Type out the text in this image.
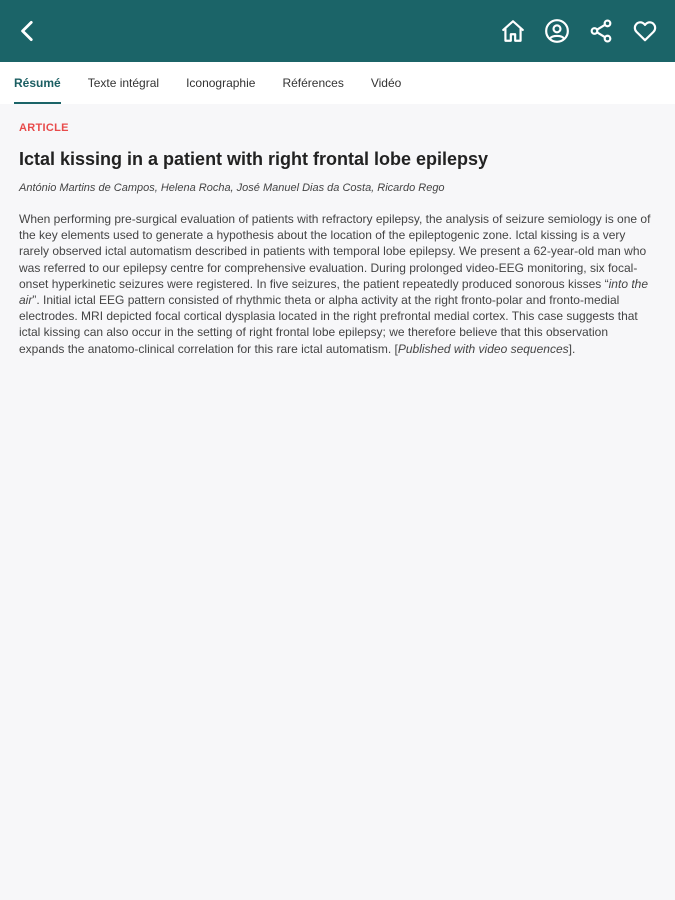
Résumé Texte intégral Iconographie Références Vidéo
ARTICLE
Ictal kissing in a patient with right frontal lobe epilepsy
António Martins de Campos, Helena Rocha, José Manuel Dias da Costa, Ricardo Rego

When performing pre-surgical evaluation of patients with refractory epilepsy, the analysis of seizure semiology is one of the key elements used to generate a hypothesis about the location of the epileptogenic zone. Ictal kissing is a very rarely observed ictal automatism described in patients with temporal lobe epilepsy. We present a 62-year-old man who was referred to our epilepsy centre for comprehensive evaluation. During prolonged video-EEG monitoring, six focal-onset hyperkinetic seizures were registered. In five seizures, the patient repeatedly produced sonorous kisses “into the air”. Initial ictal EEG pattern consisted of rhythmic theta or alpha activity at the right fronto-polar and fronto-medial electrodes. MRI depicted focal cortical dysplasia located in the right prefrontal medial cortex. This case suggests that ictal kissing can also occur in the setting of right frontal lobe epilepsy; we therefore believe that this observation expands the anatomo-clinical correlation for this rare ictal automatism. [Published with video sequences].
